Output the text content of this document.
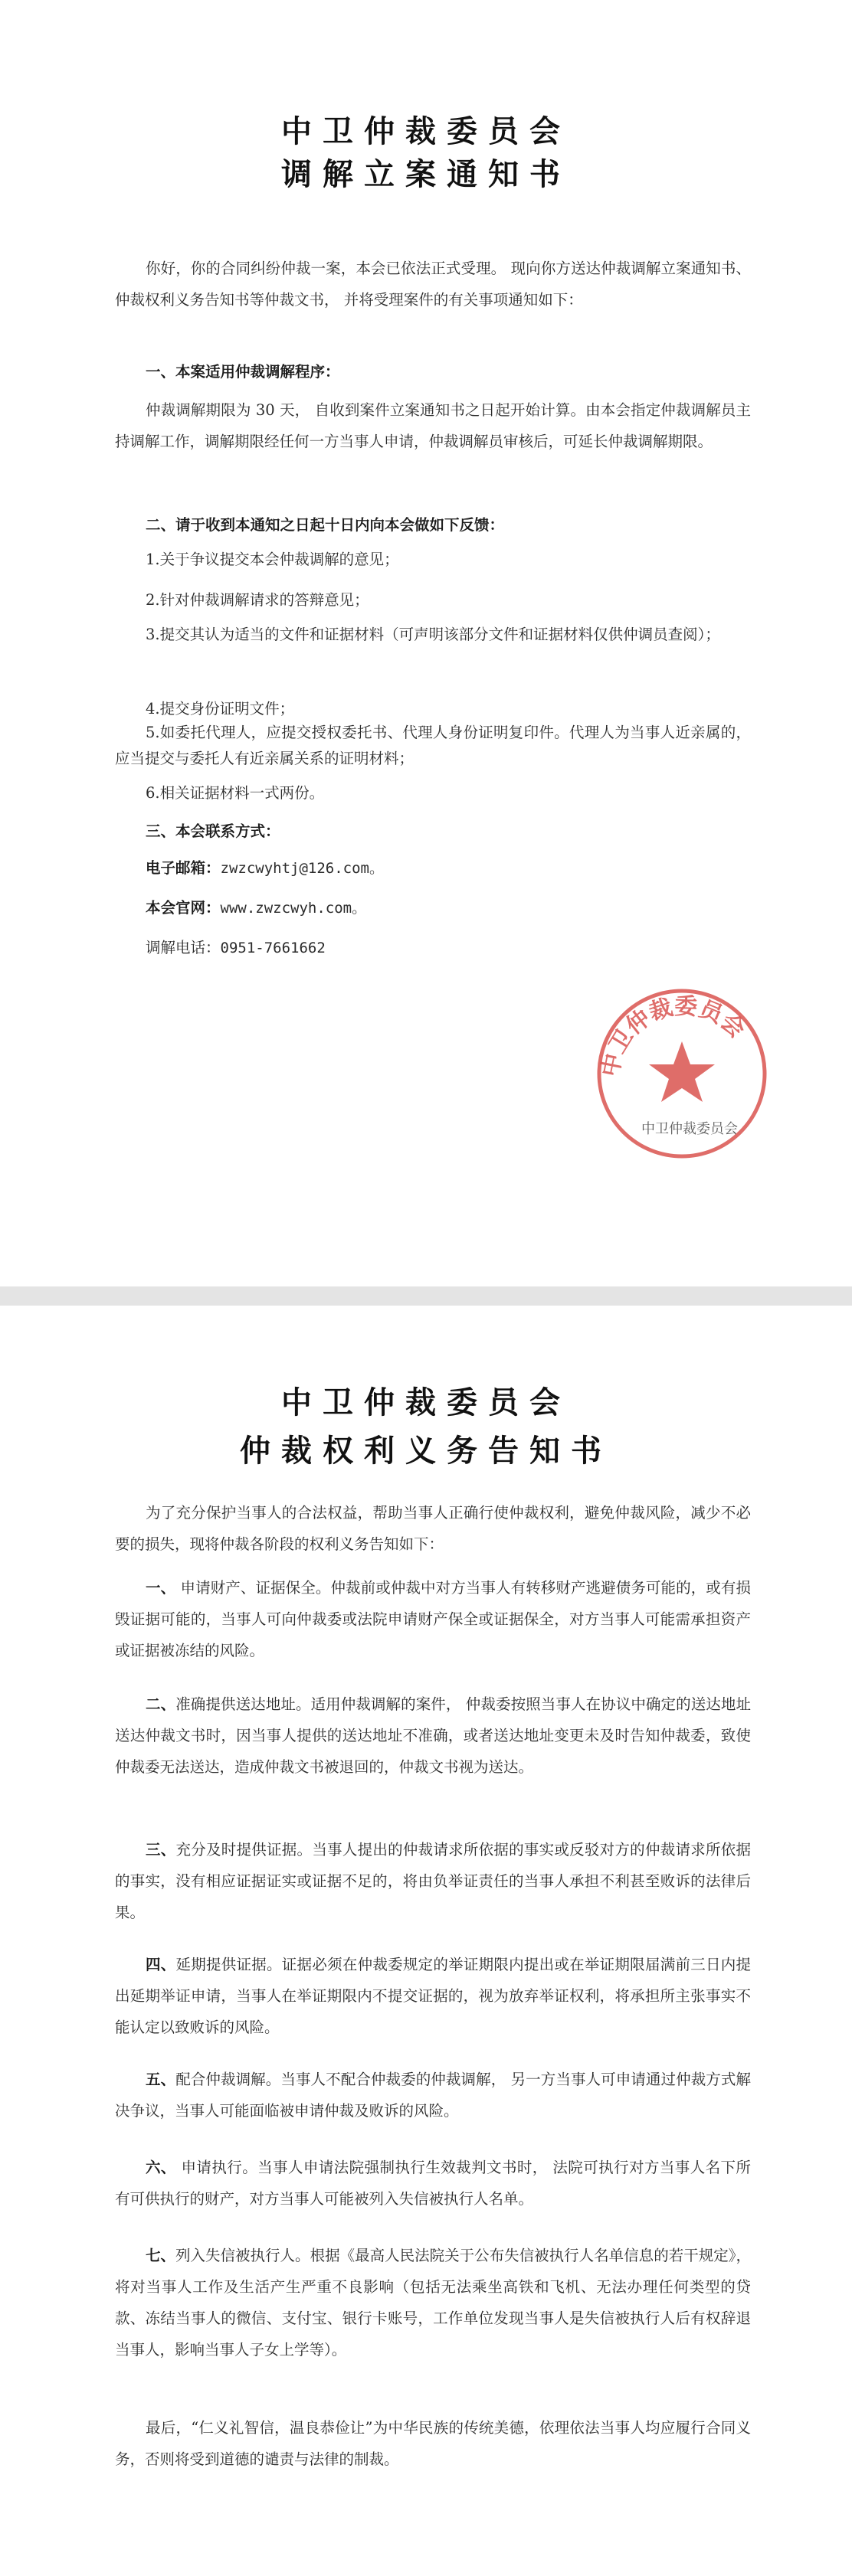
中卫仲裁委员会
调解立案通知书

你好，你的合同纠纷仲裁一案，本会已依法正式受理。 现向你方送达仲裁调解立案通知书、仲裁权利义务告知书等仲裁文书， 并将受理案件的有关事项通知如下：

一、本案适用仲裁调解程序：

仲裁调解期限为 30 天， 自收到案件立案通知书之日起开始计算。由本会指定仲裁调解员主持调解工作，调解期限经任何一方当事人申请，仲裁调解员审核后，可延长仲裁调解期限。

二、请于收到本通知之日起十日内向本会做如下反馈：

1.关于争议提交本会仲裁调解的意见；

2.针对仲裁调解请求的答辩意见；

3.提交其认为适当的文件和证据材料（可声明该部分文件和证据材料仅供仲调员查阅）；

4.提交身份证明文件；

5.如委托代理人，应提交授权委托书、代理人身份证明复印件。代理人为当事人近亲属的，应当提交与委托人有近亲属关系的证明材料；

6.相关证据材料一式两份。

三、本会联系方式：

电子邮箱：zwzcwyhtj@126.com。

本会官网：www.zwzcwyh.com。

调解电话：0951-7661662

中卫仲裁委员会
中卫仲裁委员会
中卫仲裁委员会
仲裁权利义务告知书

为了充分保护当事人的合法权益，帮助当事人正确行使仲裁权利，避免仲裁风险，减少不必要的损失，现将仲裁各阶段的权利义务告知如下：

一、 申请财产、证据保全。仲裁前或仲裁中对方当事人有转移财产逃避债务可能的，或有损毁证据可能的，当事人可向仲裁委或法院申请财产保全或证据保全，对方当事人可能需承担资产或证据被冻结的风险。

二、准确提供送达地址。适用仲裁调解的案件， 仲裁委按照当事人在协议中确定的送达地址送达仲裁文书时，因当事人提供的送达地址不准确，或者送达地址变更未及时告知仲裁委，致使仲裁委无法送达，造成仲裁文书被退回的，仲裁文书视为送达。

三、充分及时提供证据。当事人提出的仲裁请求所依据的事实或反驳对方的仲裁请求所依据的事实，没有相应证据证实或证据不足的，将由负举证责任的当事人承担不利甚至败诉的法律后果。

四、延期提供证据。证据必须在仲裁委规定的举证期限内提出或在举证期限届满前三日内提出延期举证申请，当事人在举证期限内不提交证据的，视为放弃举证权利，将承担所主张事实不能认定以致败诉的风险。

五、配合仲裁调解。当事人不配合仲裁委的仲裁调解， 另一方当事人可申请通过仲裁方式解决争议，当事人可能面临被申请仲裁及败诉的风险。

六、 申请执行。当事人申请法院强制执行生效裁判文书时， 法院可执行对方当事人名下所有可供执行的财产，对方当事人可能被列入失信被执行人名单。

七、列入失信被执行人。根据《最高人民法院关于公布失信被执行人名单信息的若干规定》，将对当事人工作及生活产生严重不良影响（包括无法乘坐高铁和飞机、无法办理任何类型的贷款、冻结当事人的微信、支付宝、银行卡账号，工作单位发现当事人是失信被执行人后有权辞退当事人，影响当事人子女上学等）。

最后，“仁义礼智信，温良恭俭让”为中华民族的传统美德，依理依法当事人均应履行合同义务，否则将受到道德的谴责与法律的制裁。
